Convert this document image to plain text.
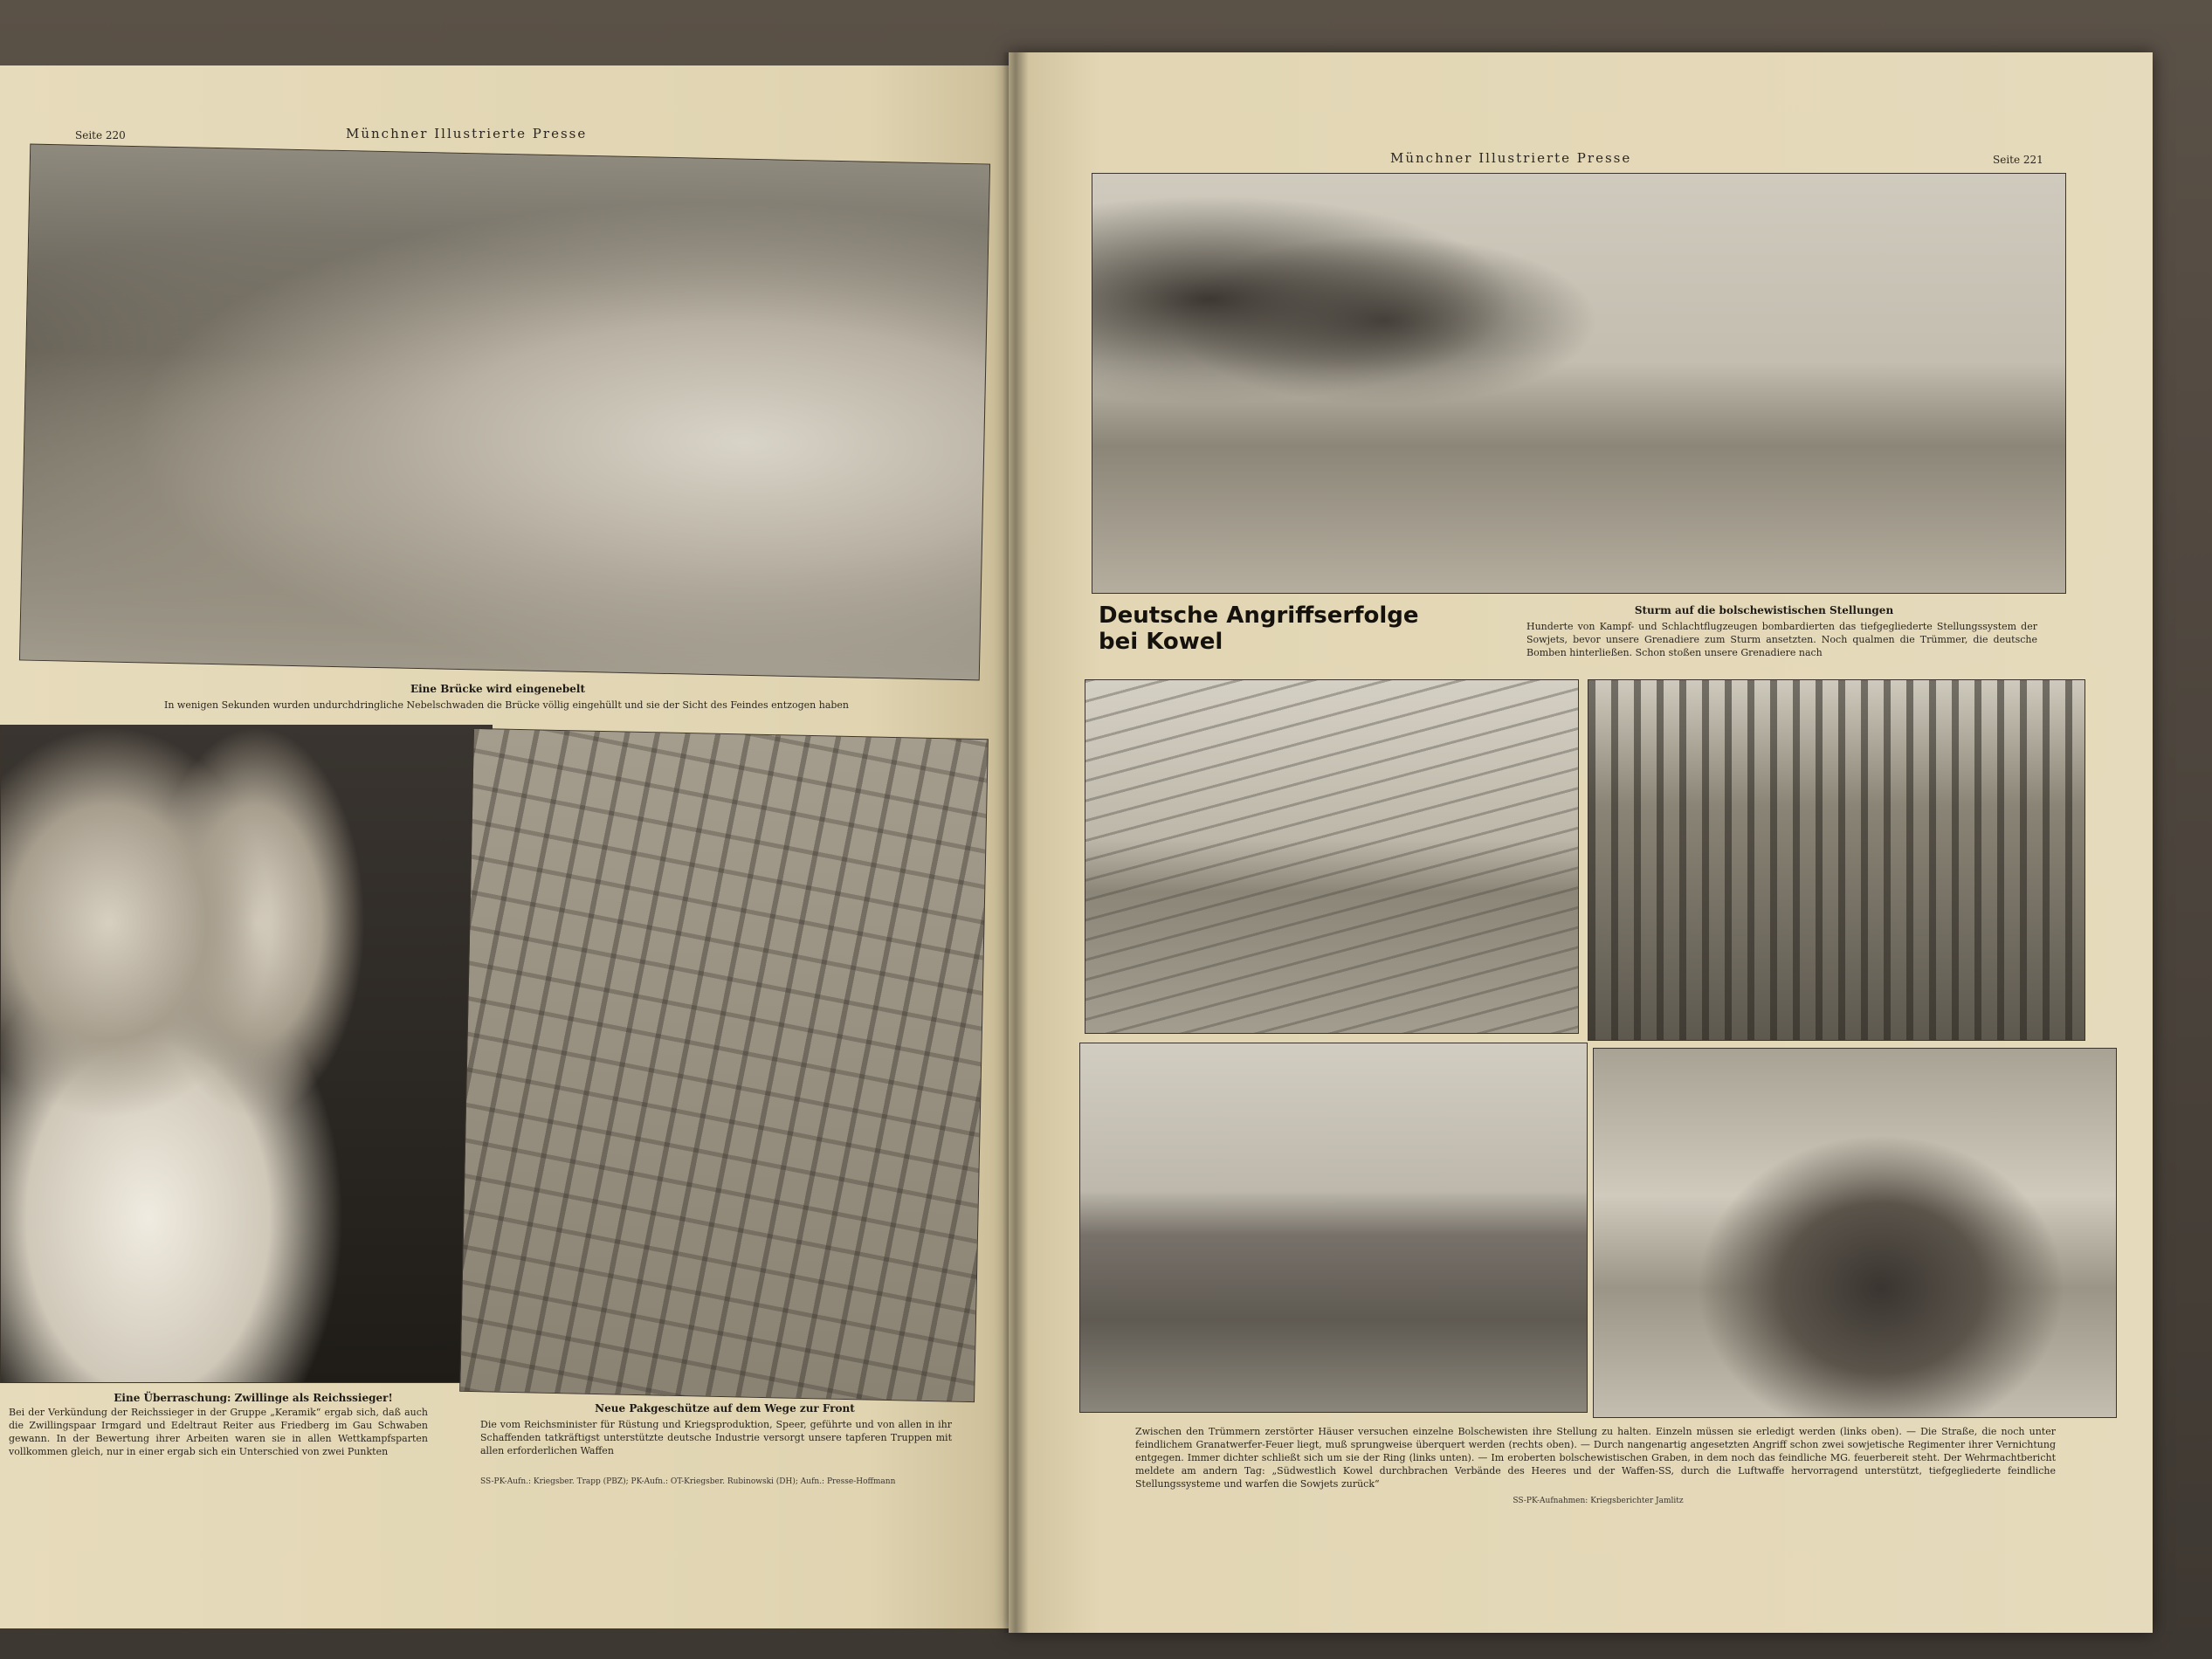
Seite 220	Münchner Illustrierte Presse
Eine Brücke wird eingenebelt
In wenigen Sekunden wurden undurchdringliche Nebelschwaden die Brücke völlig eingehüllt und sie der Sicht des Feindes entzogen haben
Eine Überraschung: Zwillinge als Reichssieger!
Bei der Verkündung der Reichssieger in der Gruppe „Keramik“ ergab sich, daß auch die Zwillingspaar Irmgard und Edeltraut Reiter aus Friedberg im Gau Schwaben gewann. In der Bewertung ihrer Arbeiten waren sie in allen Wettkampfsparten vollkommen gleich, nur in einer ergab sich ein Unterschied von zwei Punkten
Neue Pakgeschütze auf dem Wege zur Front
Die vom Reichsminister für Rüstung und Kriegsproduktion, Speer, geführte und von allen in ihr Schaffenden tatkräftigst unterstützte deutsche Industrie versorgt unsere tapferen Truppen mit allen erforderlichen Waffen
SS-PK-Aufn.: Kriegsber. Trapp (PBZ); PK-Aufn.: OT-Kriegsber. Rubinowski (DH); Aufn.: Presse-Hoffmann
Münchner Illustrierte Presse	Seite 221
Deutsche Angriffserfolge bei Kowel
Sturm auf die bolschewistischen Stellungen
Hunderte von Kampf- und Schlachtflugzeugen bombardierten das tiefgegliederte Stellungssystem der Sowjets, bevor unsere Grenadiere zum Sturm ansetzten. Noch qualmen die Trümmer, die deutsche Bomben hinterließen. Schon stoßen unsere Grenadiere nach
Zwischen den Trümmern zerstörter Häuser versuchen einzelne Bolschewisten ihre Stellung zu halten. Einzeln müssen sie erledigt werden (links oben). — Die Straße, die noch unter feindlichem Granatwerfer-Feuer liegt, muß sprungweise überquert werden (rechts oben). — Durch nangenartig angesetzten Angriff schon zwei sowjetische Regimenter ihrer Vernichtung entgegen. Immer dichter schließt sich um sie der Ring (links unten). — Im eroberten bolschewistischen Graben, in dem noch das feindliche MG. feuerbereit steht. Der Wehrmachtbericht meldete am andern Tag: „Südwestlich Kowel durchbrachen Verbände des Heeres und der Waffen-SS, durch die Luftwaffe hervorragend unterstützt, tiefgegliederte feindliche Stellungssysteme und warfen die Sowjets zurück“
SS-PK-Aufnahmen: Kriegsberichter Jamlitz
